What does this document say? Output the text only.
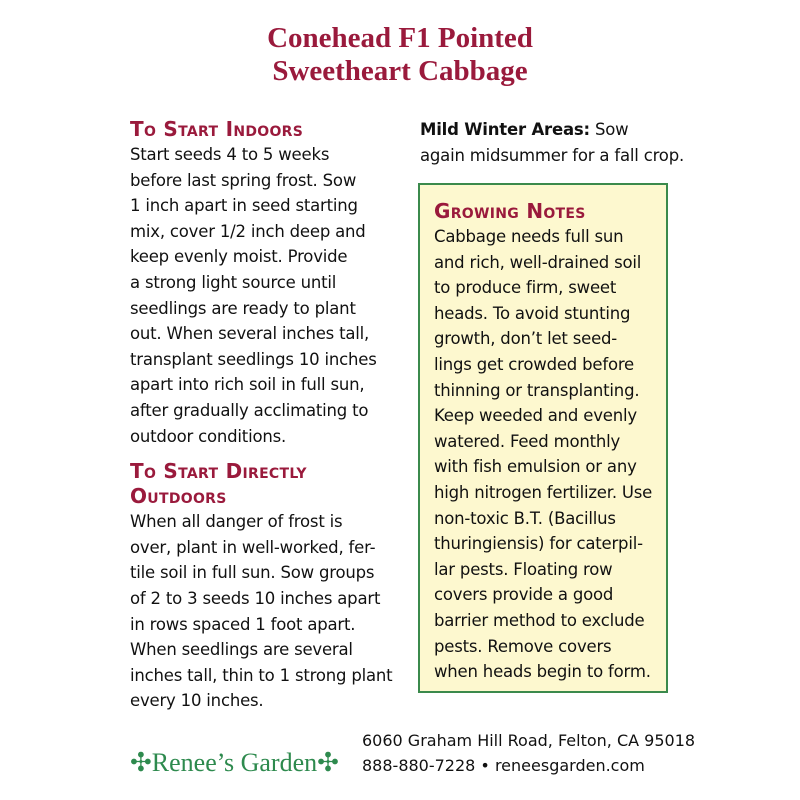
Conehead F1 Pointed
Sweetheart Cabbage
To Start Indoors
Start seeds 4 to 5 weeks
before last spring frost. Sow
1 inch apart in seed starting
mix, cover 1/2 inch deep and
keep evenly moist. Provide
a strong light source until
seedlings are ready to plant
out. When several inches tall,
transplant seedlings 10 inches
apart into rich soil in full sun,
after gradually acclimating to
outdoor conditions.
To Start Directly
Outdoors
When all danger of frost is
over, plant in well-worked, fer-
tile soil in full sun. Sow groups
of 2 to 3 seeds 10 inches apart
in rows spaced 1 foot apart.
When seedlings are several
inches tall, thin to 1 strong plant
every 10 inches.
Mild Winter Areas: Sow
again midsummer for a fall crop.
Growing Notes
Cabbage needs full sun
and rich, well-drained soil
to produce firm, sweet
heads. To avoid stunting
growth, don’t let seed-
lings get crowded before
thinning or transplanting.
Keep weeded and evenly
watered. Feed monthly
with fish emulsion or any
high nitrogen fertilizer. Use
non-toxic B.T. (Bacillus
thuringiensis) for caterpil-
lar pests. Floating row
covers provide a good
barrier method to exclude
pests. Remove covers
when heads begin to form.
✣Renee’s Garden✣
6060 Graham Hill Road, Felton, CA 95018
888-880-7228 • reneesgarden.com
